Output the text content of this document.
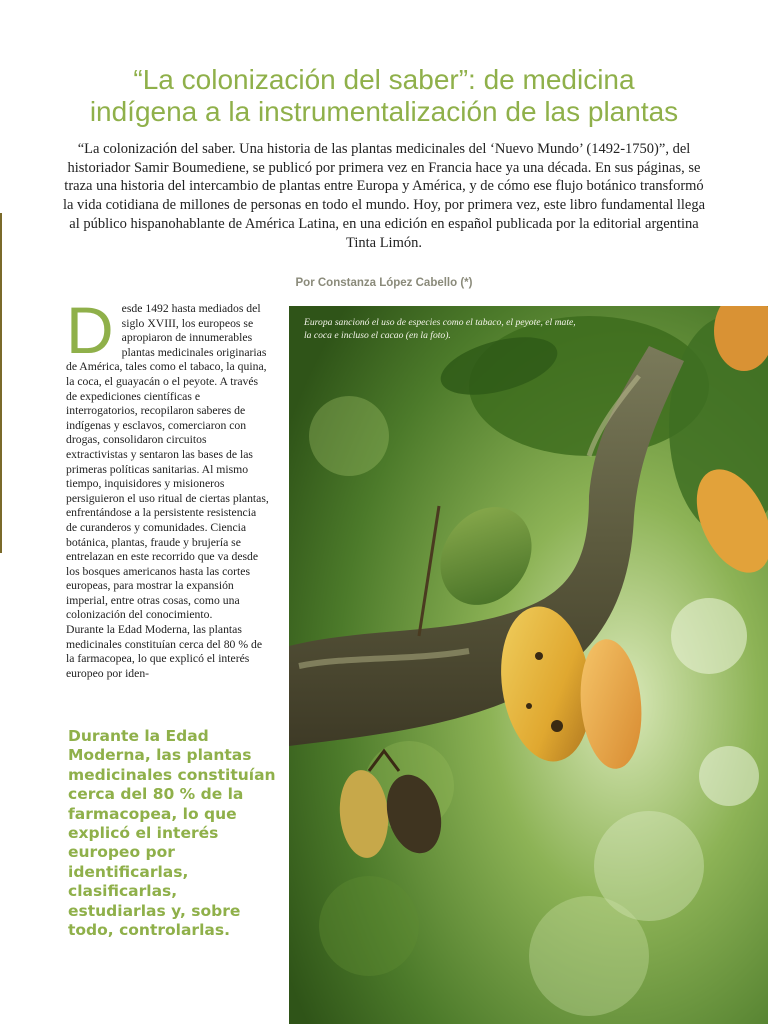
“La colonización del saber”: de medicina
indígena a la instrumentalización de las plantas
“La colonización del saber. Una historia de las plantas medicinales del ‘Nuevo Mundo’ (1492-1750)”, del historiador Samir Boumediene, se publicó por primera vez en Francia hace ya una década. En sus páginas, se traza una historia del intercambio de plantas entre Europa y América, y de cómo ese flujo botánico transformó la vida cotidiana de millones de personas en todo el mundo. Hoy, por primera vez, este libro fundamental llega al público hispanohablante de América Latina, en una edición en español publicada por la editorial argentina Tinta Limón.
Por Constanza López Cabello (*)
D esde 1492 hasta mediados del siglo XVIII, los europeos se apropiaron de innumerables plantas medicinales originarias de América, tales como el tabaco, la quina, la coca, el guayacán o el peyote. A través de expediciones científicas e interrogatorios, recopilaron saberes de indígenas y esclavos, comerciaron con drogas, consolidaron circuitos extractivistas y sentaron las bases de las primeras políticas sanitarias. Al mismo tiempo, inquisidores y misioneros persiguieron el uso ritual de ciertas plantas, enfrentándose a la persistente resistencia de curanderos y comunidades. Ciencia botánica, plantas, fraude y brujería se entrelazan en este recorrido que va desde los bosques americanos hasta las cortes europeas, para mostrar la expansión imperial, entre otras cosas, como una colonización del conocimiento.

Durante la Edad Moderna, las plantas medicinales constituían cerca del 80 % de la farmacopea, lo que explicó el interés europeo por iden-

Durante la Edad Moderna, las plantas medicinales constituían cerca del 80 % de la farmacopea, lo que explicó el interés europeo por identificarlas, clasificarlas, estudiarlas y, sobre todo, controlarlas.
Europa sancionó el uso de especies como el tabaco, el peyote, el mate, la coca e incluso el cacao (en la foto).
